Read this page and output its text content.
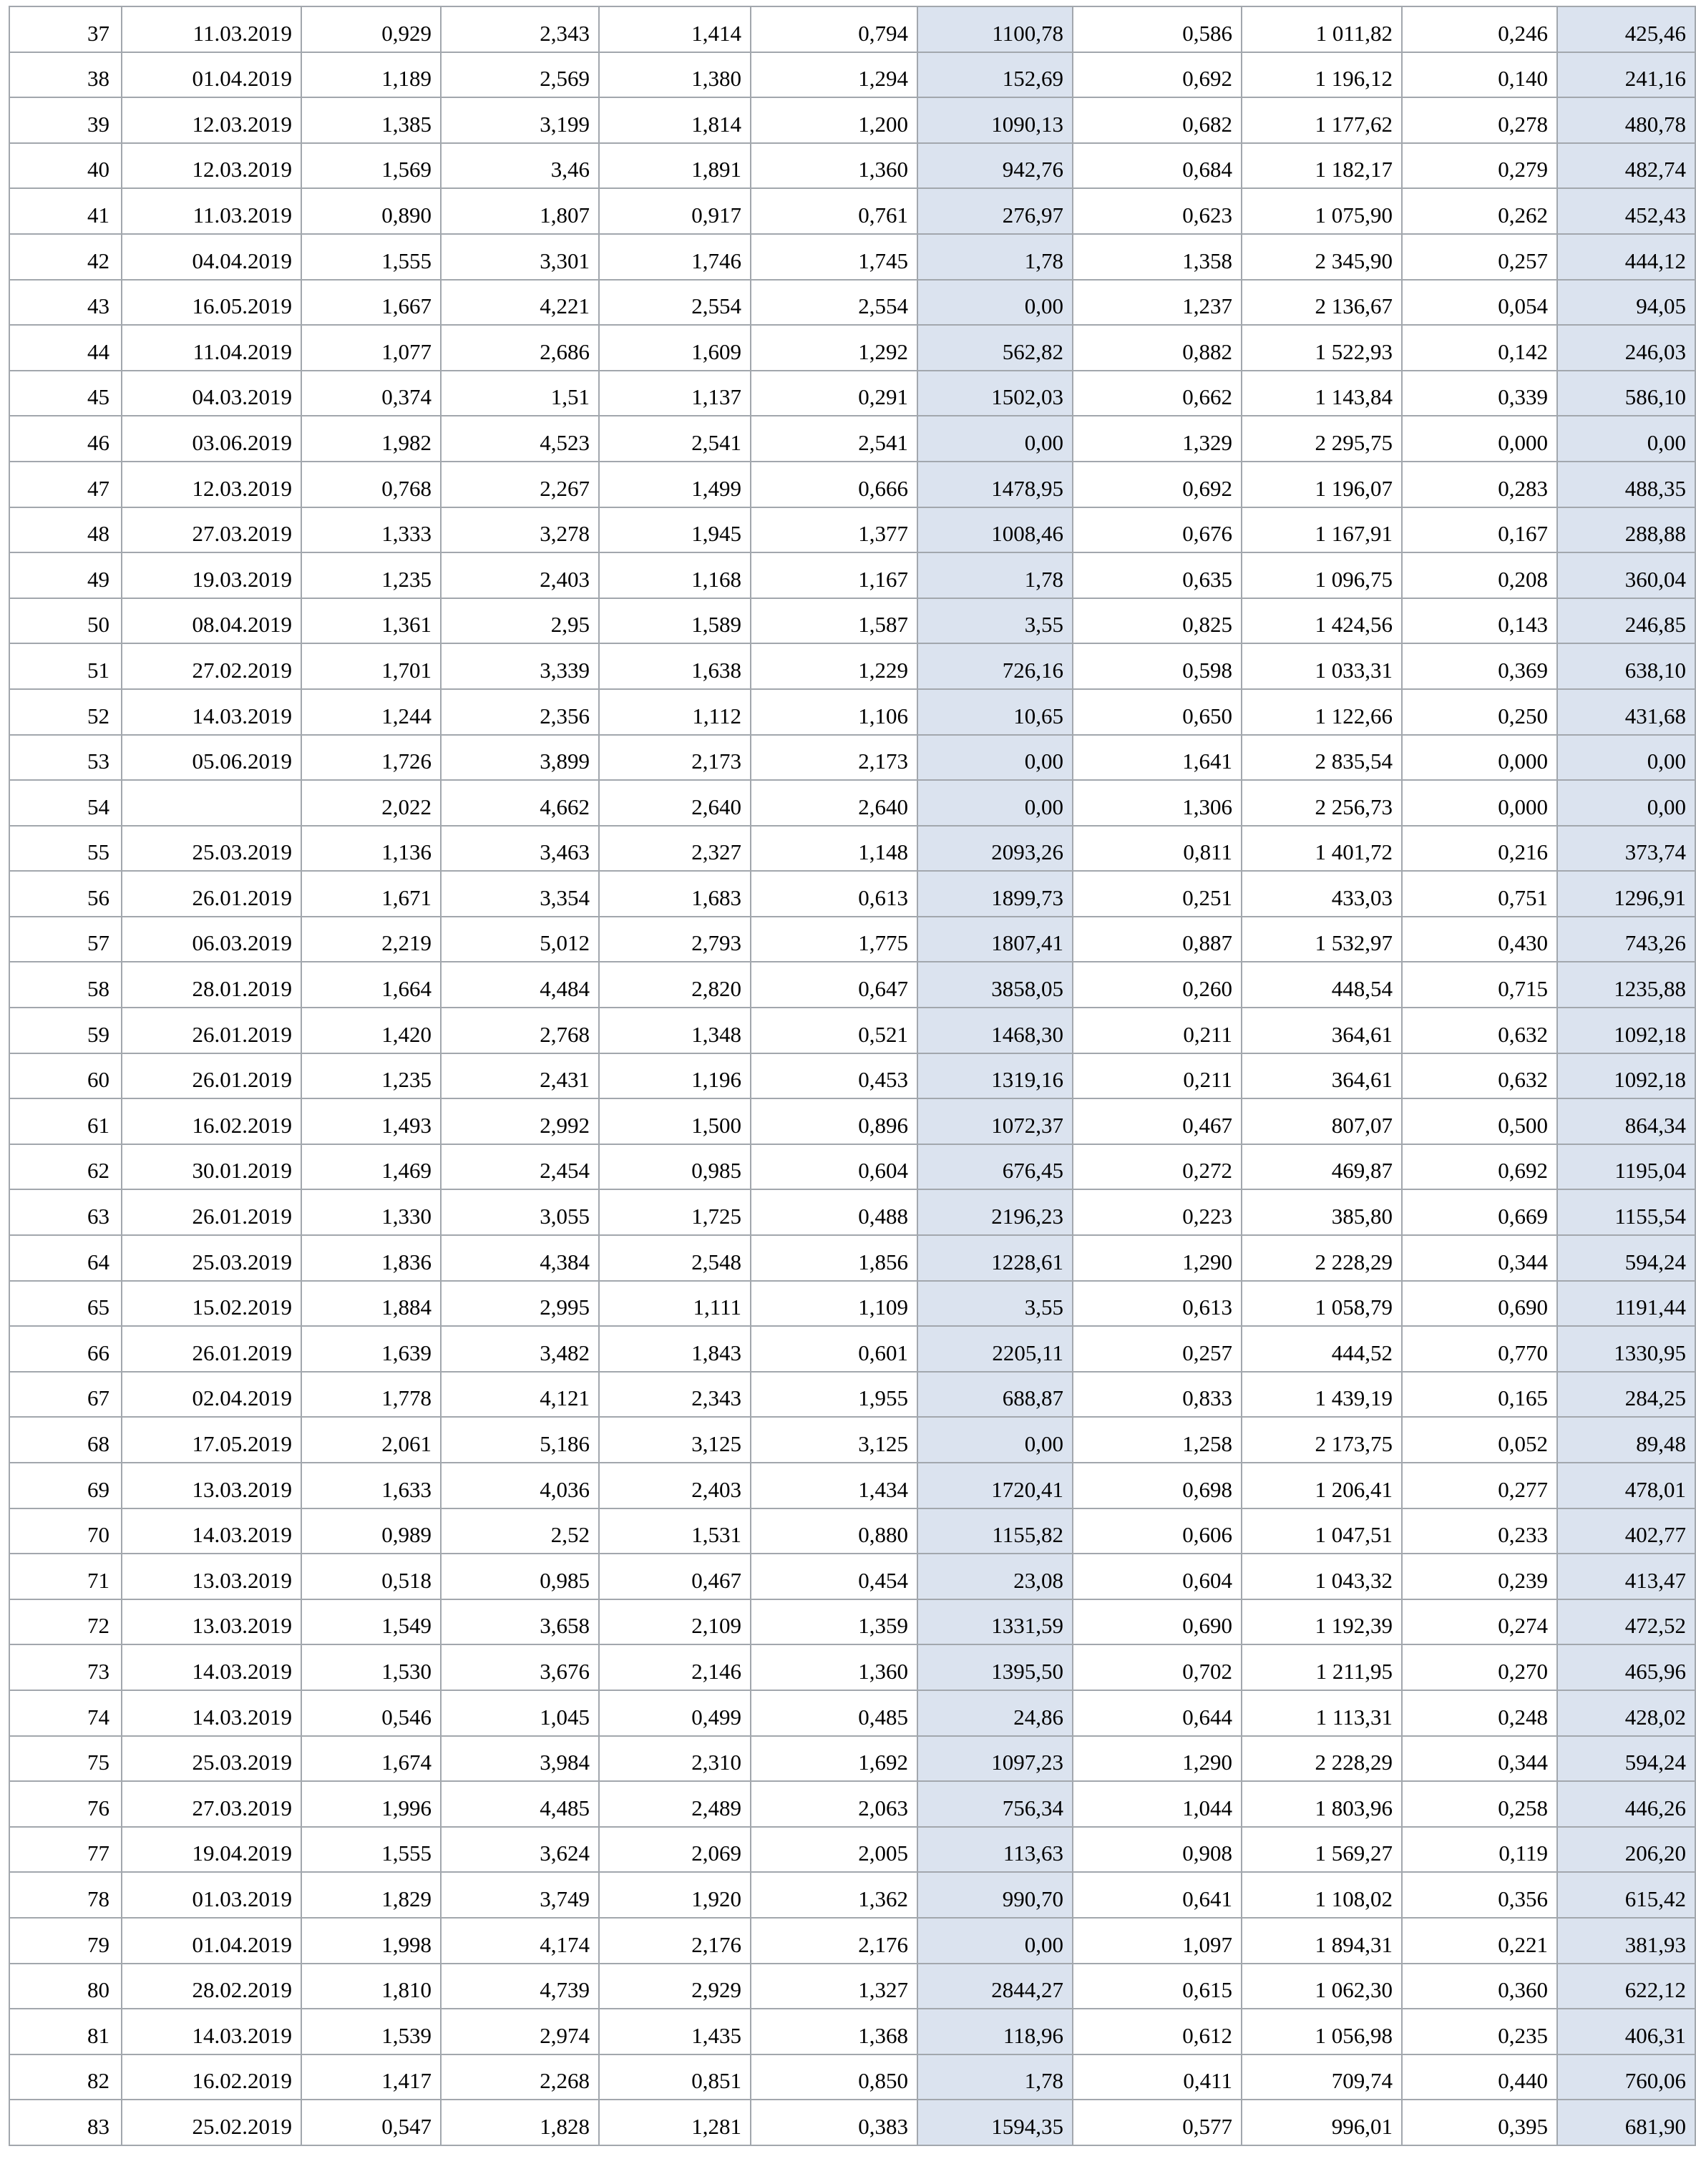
37	11.03.2019	0,929	2,343	1,414	0,794	1100,78	0,586	1 011,82	0,246	425,46
38	01.04.2019	1,189	2,569	1,380	1,294	152,69	0,692	1 196,12	0,140	241,16
39	12.03.2019	1,385	3,199	1,814	1,200	1090,13	0,682	1 177,62	0,278	480,78
40	12.03.2019	1,569	3,46	1,891	1,360	942,76	0,684	1 182,17	0,279	482,74
41	11.03.2019	0,890	1,807	0,917	0,761	276,97	0,623	1 075,90	0,262	452,43
42	04.04.2019	1,555	3,301	1,746	1,745	1,78	1,358	2 345,90	0,257	444,12
43	16.05.2019	1,667	4,221	2,554	2,554	0,00	1,237	2 136,67	0,054	94,05
44	11.04.2019	1,077	2,686	1,609	1,292	562,82	0,882	1 522,93	0,142	246,03
45	04.03.2019	0,374	1,51	1,137	0,291	1502,03	0,662	1 143,84	0,339	586,10
46	03.06.2019	1,982	4,523	2,541	2,541	0,00	1,329	2 295,75	0,000	0,00
47	12.03.2019	0,768	2,267	1,499	0,666	1478,95	0,692	1 196,07	0,283	488,35
48	27.03.2019	1,333	3,278	1,945	1,377	1008,46	0,676	1 167,91	0,167	288,88
49	19.03.2019	1,235	2,403	1,168	1,167	1,78	0,635	1 096,75	0,208	360,04
50	08.04.2019	1,361	2,95	1,589	1,587	3,55	0,825	1 424,56	0,143	246,85
51	27.02.2019	1,701	3,339	1,638	1,229	726,16	0,598	1 033,31	0,369	638,10
52	14.03.2019	1,244	2,356	1,112	1,106	10,65	0,650	1 122,66	0,250	431,68
53	05.06.2019	1,726	3,899	2,173	2,173	0,00	1,641	2 835,54	0,000	0,00
54		2,022	4,662	2,640	2,640	0,00	1,306	2 256,73	0,000	0,00
55	25.03.2019	1,136	3,463	2,327	1,148	2093,26	0,811	1 401,72	0,216	373,74
56	26.01.2019	1,671	3,354	1,683	0,613	1899,73	0,251	433,03	0,751	1296,91
57	06.03.2019	2,219	5,012	2,793	1,775	1807,41	0,887	1 532,97	0,430	743,26
58	28.01.2019	1,664	4,484	2,820	0,647	3858,05	0,260	448,54	0,715	1235,88
59	26.01.2019	1,420	2,768	1,348	0,521	1468,30	0,211	364,61	0,632	1092,18
60	26.01.2019	1,235	2,431	1,196	0,453	1319,16	0,211	364,61	0,632	1092,18
61	16.02.2019	1,493	2,992	1,500	0,896	1072,37	0,467	807,07	0,500	864,34
62	30.01.2019	1,469	2,454	0,985	0,604	676,45	0,272	469,87	0,692	1195,04
63	26.01.2019	1,330	3,055	1,725	0,488	2196,23	0,223	385,80	0,669	1155,54
64	25.03.2019	1,836	4,384	2,548	1,856	1228,61	1,290	2 228,29	0,344	594,24
65	15.02.2019	1,884	2,995	1,111	1,109	3,55	0,613	1 058,79	0,690	1191,44
66	26.01.2019	1,639	3,482	1,843	0,601	2205,11	0,257	444,52	0,770	1330,95
67	02.04.2019	1,778	4,121	2,343	1,955	688,87	0,833	1 439,19	0,165	284,25
68	17.05.2019	2,061	5,186	3,125	3,125	0,00	1,258	2 173,75	0,052	89,48
69	13.03.2019	1,633	4,036	2,403	1,434	1720,41	0,698	1 206,41	0,277	478,01
70	14.03.2019	0,989	2,52	1,531	0,880	1155,82	0,606	1 047,51	0,233	402,77
71	13.03.2019	0,518	0,985	0,467	0,454	23,08	0,604	1 043,32	0,239	413,47
72	13.03.2019	1,549	3,658	2,109	1,359	1331,59	0,690	1 192,39	0,274	472,52
73	14.03.2019	1,530	3,676	2,146	1,360	1395,50	0,702	1 211,95	0,270	465,96
74	14.03.2019	0,546	1,045	0,499	0,485	24,86	0,644	1 113,31	0,248	428,02
75	25.03.2019	1,674	3,984	2,310	1,692	1097,23	1,290	2 228,29	0,344	594,24
76	27.03.2019	1,996	4,485	2,489	2,063	756,34	1,044	1 803,96	0,258	446,26
77	19.04.2019	1,555	3,624	2,069	2,005	113,63	0,908	1 569,27	0,119	206,20
78	01.03.2019	1,829	3,749	1,920	1,362	990,70	0,641	1 108,02	0,356	615,42
79	01.04.2019	1,998	4,174	2,176	2,176	0,00	1,097	1 894,31	0,221	381,93
80	28.02.2019	1,810	4,739	2,929	1,327	2844,27	0,615	1 062,30	0,360	622,12
81	14.03.2019	1,539	2,974	1,435	1,368	118,96	0,612	1 056,98	0,235	406,31
82	16.02.2019	1,417	2,268	0,851	0,850	1,78	0,411	709,74	0,440	760,06
83	25.02.2019	0,547	1,828	1,281	0,383	1594,35	0,577	996,01	0,395	681,90
